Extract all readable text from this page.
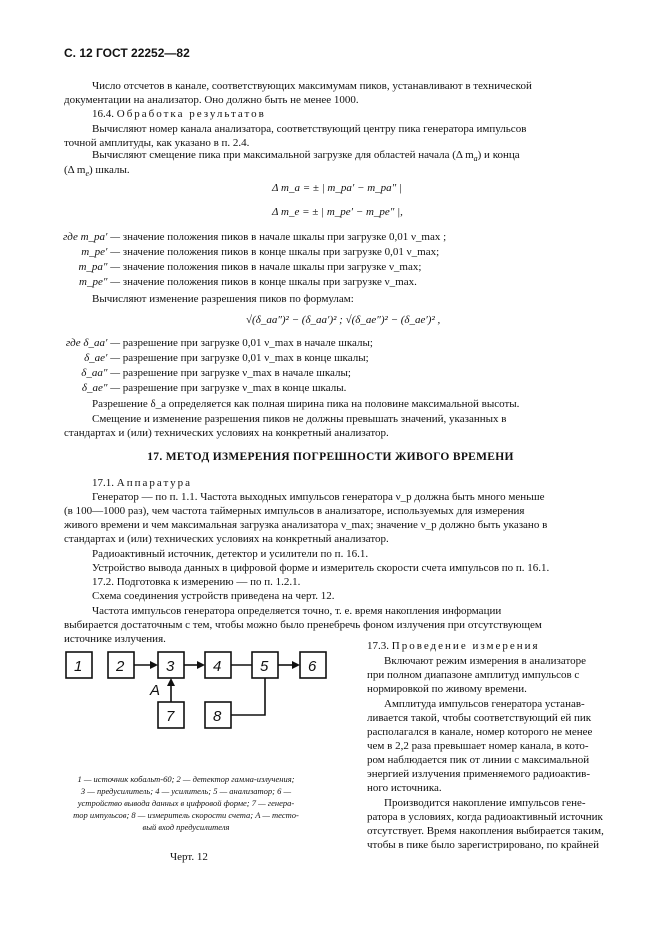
С. 12 ГОСТ 22252—82
Число отсчетов в канале, соответствующих максимумам пиков, устанавливают в технической
документации на анализатор. Оно должно быть не менее 1000.
16.4. Обработка результатов
Вычисляют номер канала анализатора, соответствующий центру пика генератора импульсов
точной амплитуды, как указано в п. 2.4.
Вычисляют смещение пика при максимальной загрузке для областей начала (Δ $m_a$) и конца
(Δ $m_e$) шкалы.
Δ m_a = ± | m_pa′ − m_pa″ |
Δ m_e = ± | m_pe′ − m_pe″ |,
где m_pa′ — значение положения пиков в начале шкалы при загрузке 0,01 ν_max ;
m_pe′ — значение положения пиков в конце шкалы при загрузке 0,01 ν_max;
m_pa″ — значение положения пиков в начале шкалы при загрузке ν_max;
m_pe″ — значение положения пиков в конце шкалы при загрузке ν_max.
Вычисляют изменение разрешения пиков по формулам:
√(δ_aa″)² − (δ_aa′)² ; √(δ_ae″)² − (δ_ae′)² ,
где δ_aa′ — разрешение при загрузке 0,01 ν_max в начале шкалы;
δ_ae′ — разрешение при загрузке 0,01 ν_max в конце шкалы;
δ_aa″ — разрешение при загрузке ν_max в начале шкалы;
δ_ae″ — разрешение при загрузке ν_max в конце шкалы.
Разрешение δ_a определяется как полная ширина пика на половине максимальной высоты.
Смещение и изменение разрешения пиков не должны превышать значений, указанных в
стандартах и (или) технических условиях на конкретный анализатор.
17. МЕТОД ИЗМЕРЕНИЯ ПОГРЕШНОСТИ ЖИВОГО ВРЕМЕНИ
17.1. Аппаратура
Генератор — по п. 1.1. Частота выходных импульсов генератора ν_p должна быть много меньше
(в 100—1000 раз), чем частота таймерных импульсов в анализаторе, используемых для измерения
живого времени и чем максимальная загрузка анализатора ν_max; значение ν_p должно быть указано в
стандартах и (или) технических условиях на конкретный анализатор.
Радиоактивный источник, детектор и усилители по п. 16.1.
Устройство вывода данных в цифровой форме и измеритель скорости счета импульсов по п. 16.1.
17.2. Подготовка к измерению — по п. 1.2.1.
Схема соединения устройств приведена на черт. 12.
Частота импульсов генератора определяется точно, т. е. время накопления информации
выбирается достаточным с тем, чтобы можно было пренебречь фоном излучения при отсутствующем
источнике излучения.
1 2	3	4	5	6
7	8
A
1 — источник кобальт-60; 2 — детектор гамма-излучения;
3 — предусилитель; 4 — усилитель; 5 — анализатор; 6 —
устройство вывода данных в цифровой форме; 7 — генера-
тор импульсов; 8 — измеритель скорости счета; A — тесто-
вый вход предусилителя
Черт. 12
17.3. Проведение измерения
Включают режим измерения в анализаторе
при полном диапазоне амплитуд импульсов с
нормировкой по живому времени.
Амплитуда импульсов генератора устанав-
ливается такой, чтобы соответствующий ей пик
располагался в канале, номер которого не менее
чем в 2,2 раза превышает номер канала, в кото-
ром наблюдается пик от линии с максимальной
энергией излучения применяемого радиоактив-
ного источника.
Производится накопление импульсов гене-
ратора в условиях, когда радиоактивный источник
отсутствует. Время накопления выбирается таким,
чтобы в пике было зарегистрировано, по крайней
